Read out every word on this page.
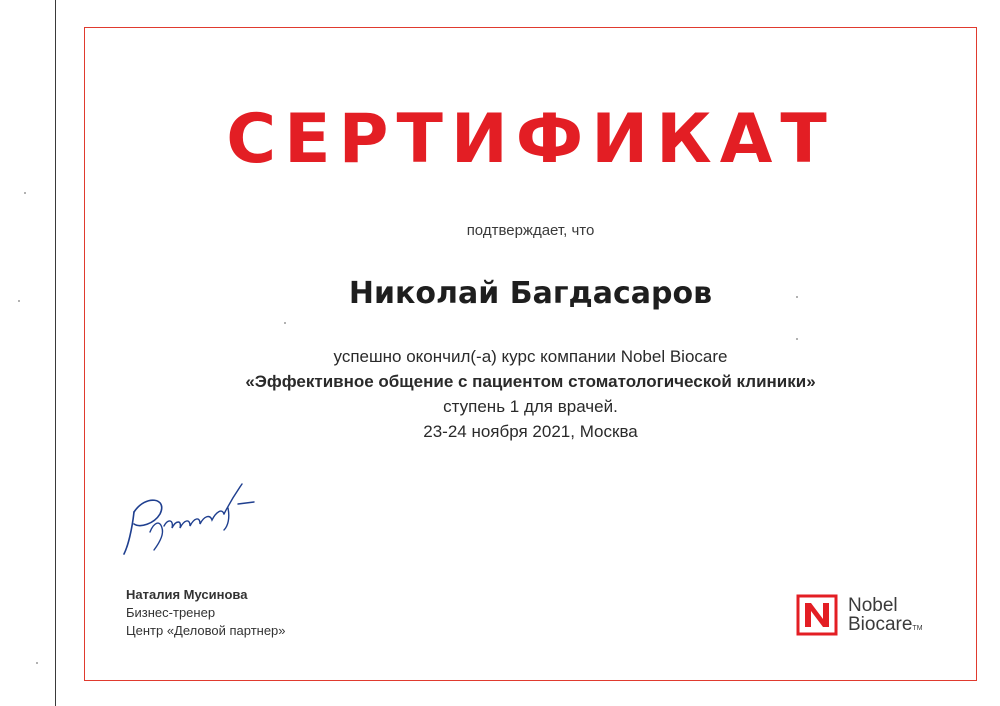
СЕРТИФИКАТ
подтверждает, что
Николай Багдасаров
успешно окончил(-а) курс компании Nobel Biocare
«Эффективное общение с пациентом стоматологической клиники»
ступень 1 для врачей.
23-24 ноября 2021, Москва
Наталия Мусинова
Бизнес-тренер
Центр «Деловой партнер»
Nobel
BiocareTM
